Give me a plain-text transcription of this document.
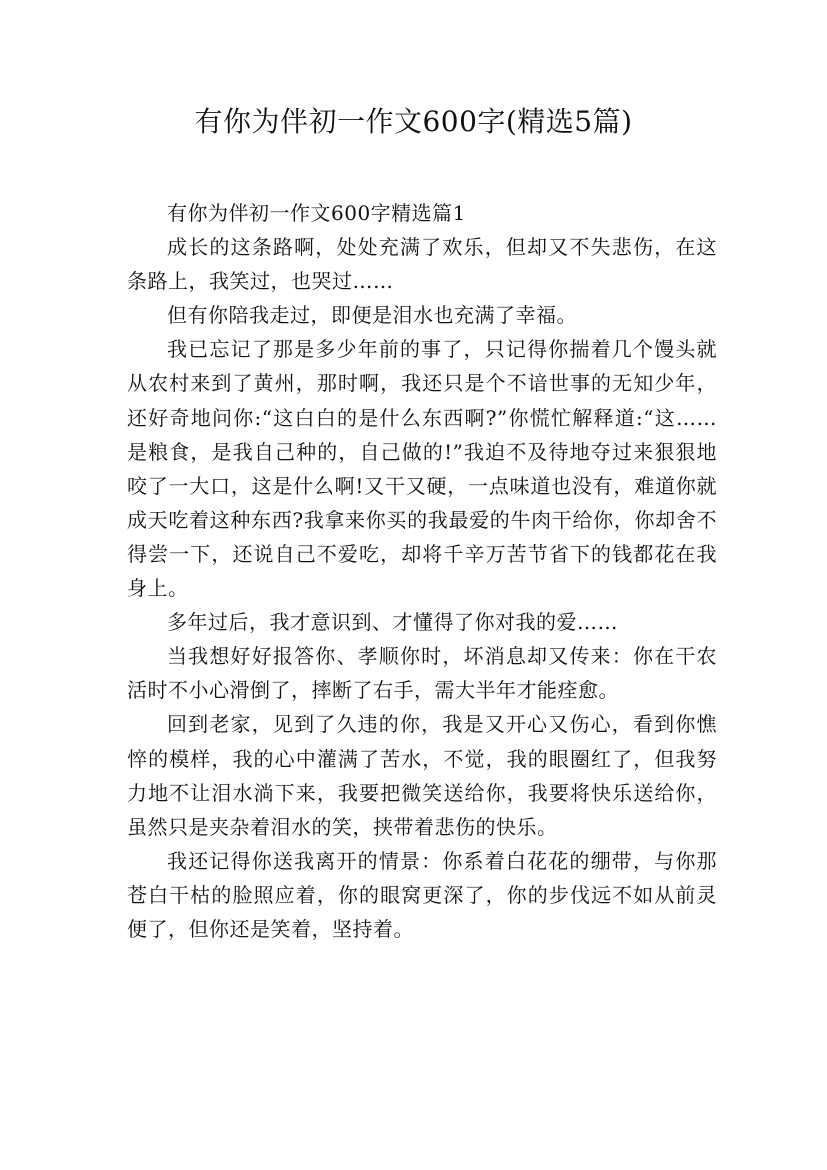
有你为伴初一作文600字(精选5篇)

有你为伴初一作文600字精选篇1

成长的这条路啊，处处充满了欢乐，但却又不失悲伤，在这条路上，我笑过，也哭过……

但有你陪我走过，即便是泪水也充满了幸福。

我已忘记了那是多少年前的事了，只记得你揣着几个馒头就从农村来到了黄州，那时啊，我还只是个不谙世事的无知少年，还好奇地问你:“这白白的是什么东西啊?”你慌忙解释道:“这……是粮食，是我自己种的，自己做的!”我迫不及待地夺过来狠狠地咬了一大口，这是什么啊!又干又硬，一点味道也没有，难道你就成天吃着这种东西?我拿来你买的我最爱的牛肉干给你，你却舍不得尝一下，还说自己不爱吃，却将千辛万苦节省下的钱都花在我身上。

多年过后，我才意识到、才懂得了你对我的爱……

当我想好好报答你、孝顺你时，坏消息却又传来：你在干农活时不小心滑倒了，摔断了右手，需大半年才能痊愈。

回到老家，见到了久违的你，我是又开心又伤心，看到你憔悴的模样，我的心中灌满了苦水，不觉，我的眼圈红了，但我努力地不让泪水淌下来，我要把微笑送给你，我要将快乐送给你，虽然只是夹杂着泪水的笑，挟带着悲伤的快乐。

我还记得你送我离开的情景：你系着白花花的绷带，与你那苍白干枯的脸照应着，你的眼窝更深了，你的步伐远不如从前灵便了，但你还是笑着，坚持着。
